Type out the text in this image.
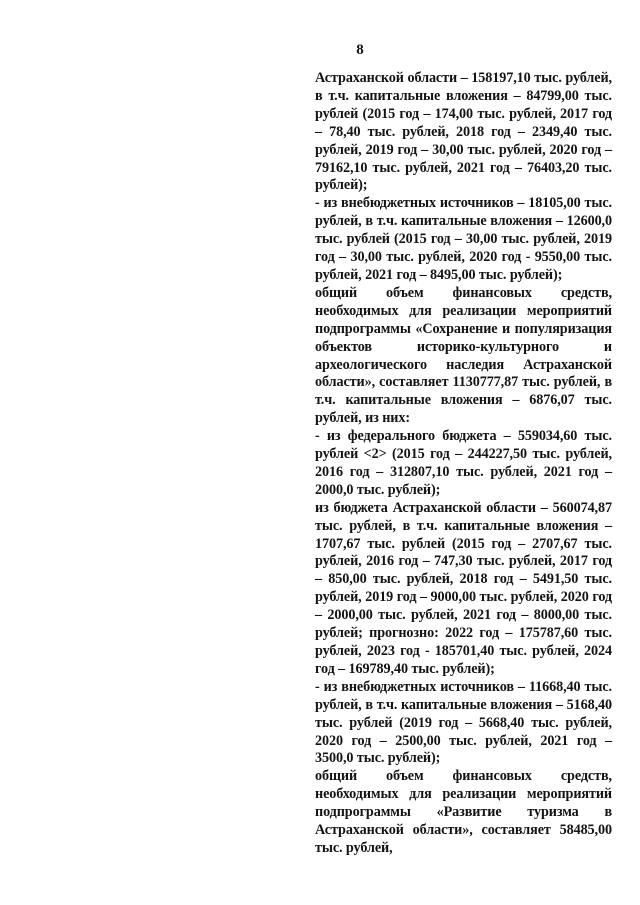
8

Астраханской области – 158197,10 тыс. рублей, в т.ч. капитальные вложения – 84799,00 тыс. рублей (2015 год – 174,00 тыс. рублей, 2017 год – 78,40 тыс. рублей, 2018 год – 2349,40 тыс. рублей, 2019 год – 30,00 тыс. рублей, 2020 год – 79162,10 тыс. рублей, 2021 год – 76403,20 тыс. рублей);

- из внебюджетных источников – 18105,00 тыс. рублей, в т.ч. капитальные вложения – 12600,0 тыс. рублей (2015 год – 30,00 тыс. рублей, 2019 год – 30,00 тыс. рублей, 2020 год - 9550,00 тыс. рублей, 2021 год – 8495,00 тыс. рублей);

общий объем финансовых средств, необходимых для реализации мероприятий подпрограммы «Сохранение и популяризация объектов историко-культурного и археологического наследия Астраханской области», составляет 1130777,87 тыс. рублей, в т.ч. капитальные вложения – 6876,07 тыс. рублей, из них:

- из федерального бюджета – 559034,60 тыс. рублей <2> (2015 год – 244227,50 тыс. рублей, 2016 год – 312807,10 тыс. рублей, 2021 год – 2000,0 тыс. рублей);

из бюджета Астраханской области – 560074,87 тыс. рублей, в т.ч. капитальные вложения – 1707,67 тыс. рублей (2015 год – 2707,67 тыс. рублей, 2016 год – 747,30 тыс. рублей, 2017 год – 850,00 тыс. рублей, 2018 год – 5491,50 тыс. рублей, 2019 год – 9000,00 тыс. рублей, 2020 год – 2000,00 тыс. рублей, 2021 год – 8000,00 тыс. рублей; прогнозно: 2022 год – 175787,60 тыс. рублей, 2023 год - 185701,40 тыс. рублей, 2024 год – 169789,40 тыс. рублей);

- из внебюджетных источников – 11668,40 тыс. рублей, в т.ч. капитальные вложения – 5168,40 тыс. рублей (2019 год – 5668,40 тыс. рублей, 2020 год – 2500,00 тыс. рублей, 2021 год – 3500,0 тыс. рублей);

общий объем финансовых средств, необходимых для реализации мероприятий подпрограммы «Развитие туризма в Астраханской области», составляет 58485,00 тыс. рублей,
